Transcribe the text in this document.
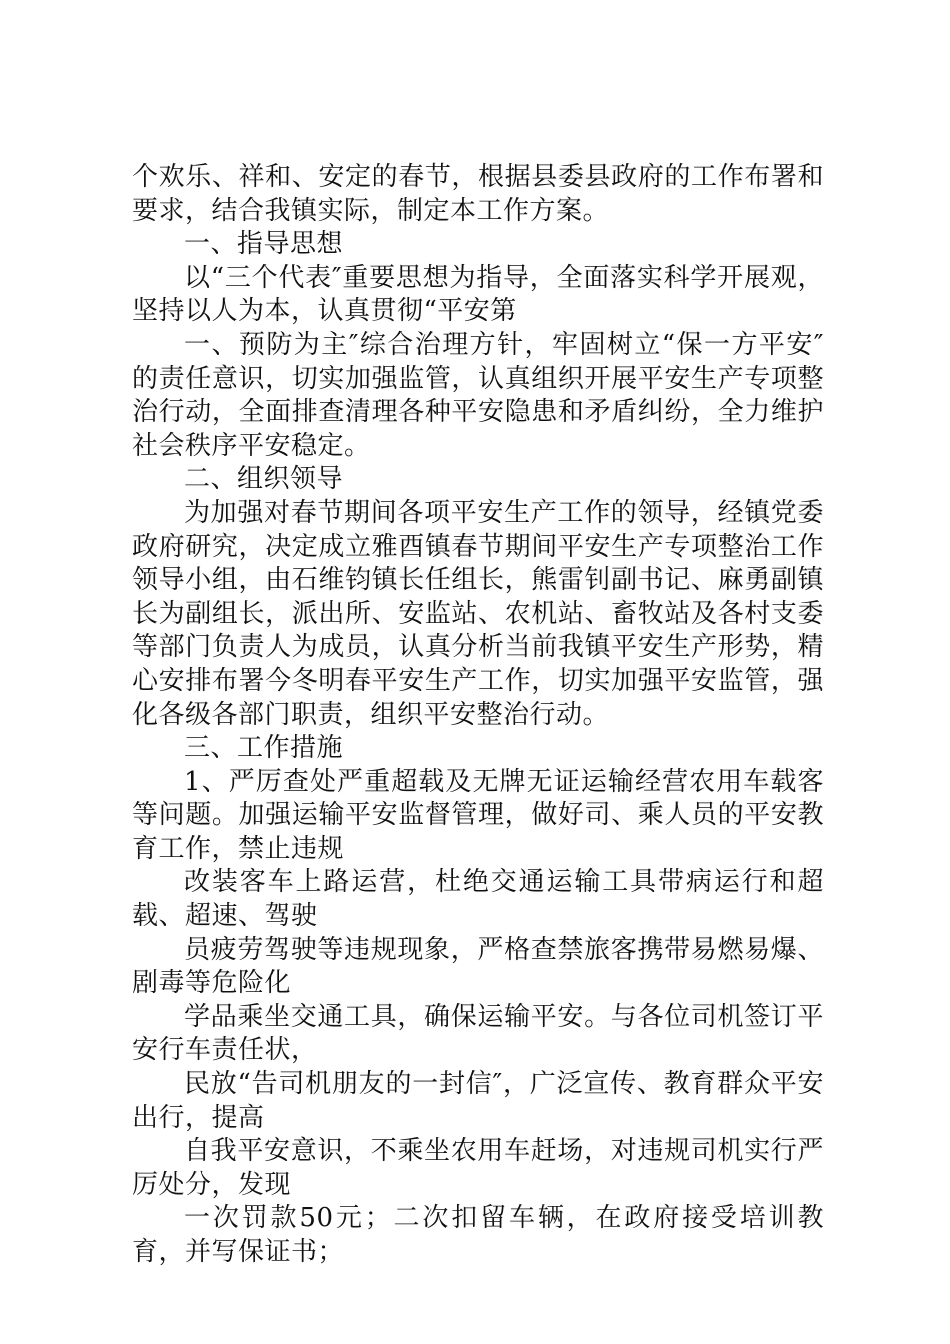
个欢乐、祥和、安定的春节，根据县委县政府的工作布署和要求，结合我镇实际，制定本工作方案。

一、指导思想

以“三个代表″重要思想为指导，全面落实科学开展观，坚持以人为本，认真贯彻“平安第

一、预防为主″综合治理方针，牢固树立“保一方平安″的责任意识，切实加强监管，认真组织开展平安生产专项整治行动，全面排查清理各种平安隐患和矛盾纠纷，全力维护社会秩序平安稳定。

二、组织领导

为加强对春节期间各项平安生产工作的领导，经镇党委政府研究，决定成立雅酉镇春节期间平安生产专项整治工作领导小组，由石维钧镇长任组长，熊雷钊副书记、麻勇副镇长为副组长，派出所、安监站、农机站、畜牧站及各村支委等部门负责人为成员，认真分析当前我镇平安生产形势，精心安排布署今冬明春平安生产工作，切实加强平安监管，强化各级各部门职责，组织平安整治行动。

三、工作措施

1、严厉查处严重超载及无牌无证运输经营农用车载客等问题。加强运输平安监督管理，做好司、乘人员的平安教育工作，禁止违规

改装客车上路运营，杜绝交通运输工具带病运行和超载、超速、驾驶

员疲劳驾驶等违规现象，严格查禁旅客携带易燃易爆、剧毒等危险化

学品乘坐交通工具，确保运输平安。与各位司机签订平安行车责任状，

民放“告司机朋友的一封信″，广泛宣传、教育群众平安出行，提高

自我平安意识，不乘坐农用车赶场，对违规司机实行严厉处分，发现

一次罚款50元；二次扣留车辆，在政府接受培训教育，并写保证书；
